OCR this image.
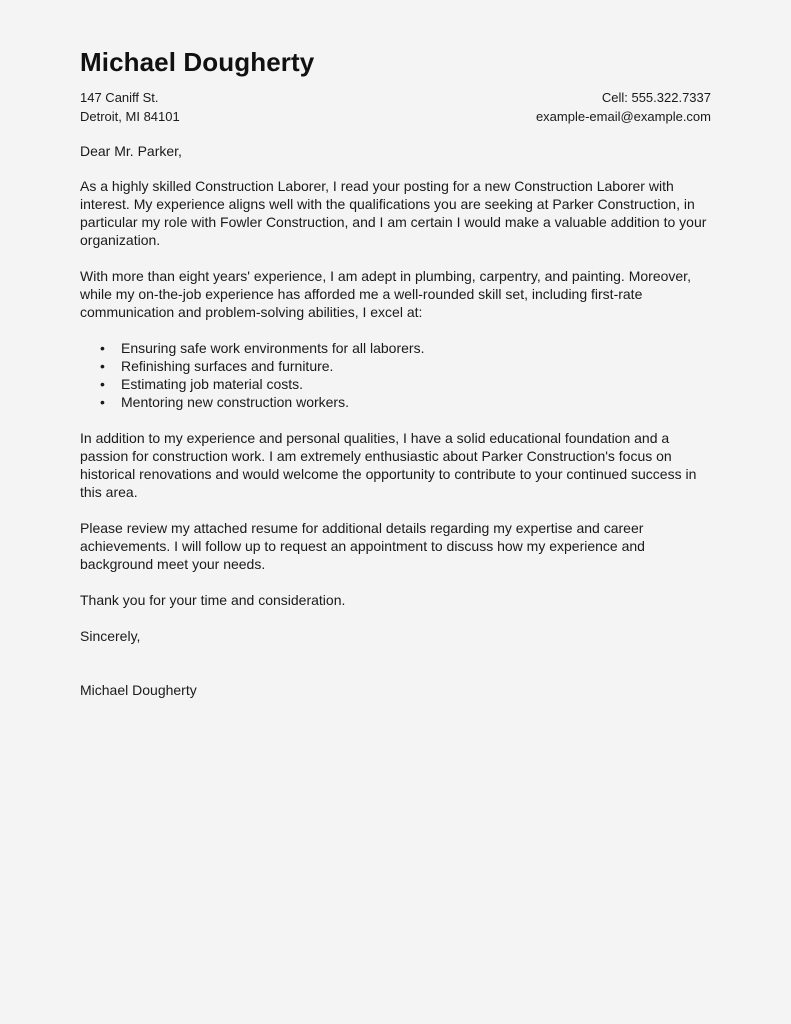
Michael Dougherty
147 Caniff St.	Cell: 555.322.7337
Detroit, MI 84101	example-email@example.com

Dear Mr. Parker,

As a highly skilled Construction Laborer, I read your posting for a new Construction Laborer with interest. My experience aligns well with the qualifications you are seeking at Parker Construction, in particular my role with Fowler Construction, and I am certain I would make a valuable addition to your organization.

With more than eight years' experience, I am adept in plumbing, carpentry, and painting. Moreover, while my on-the-job experience has afforded me a well-rounded skill set, including first-rate communication and problem-solving abilities, I excel at:

• Ensuring safe work environments for all laborers.
• Refinishing surfaces and furniture.
• Estimating job material costs.
• Mentoring new construction workers.

In addition to my experience and personal qualities, I have a solid educational foundation and a passion for construction work. I am extremely enthusiastic about Parker Construction's focus on historical renovations and would welcome the opportunity to contribute to your continued success in this area.

Please review my attached resume for additional details regarding my expertise and career achievements. I will follow up to request an appointment to discuss how my experience and background meet your needs.

Thank you for your time and consideration.

Sincerely,

Michael Dougherty
